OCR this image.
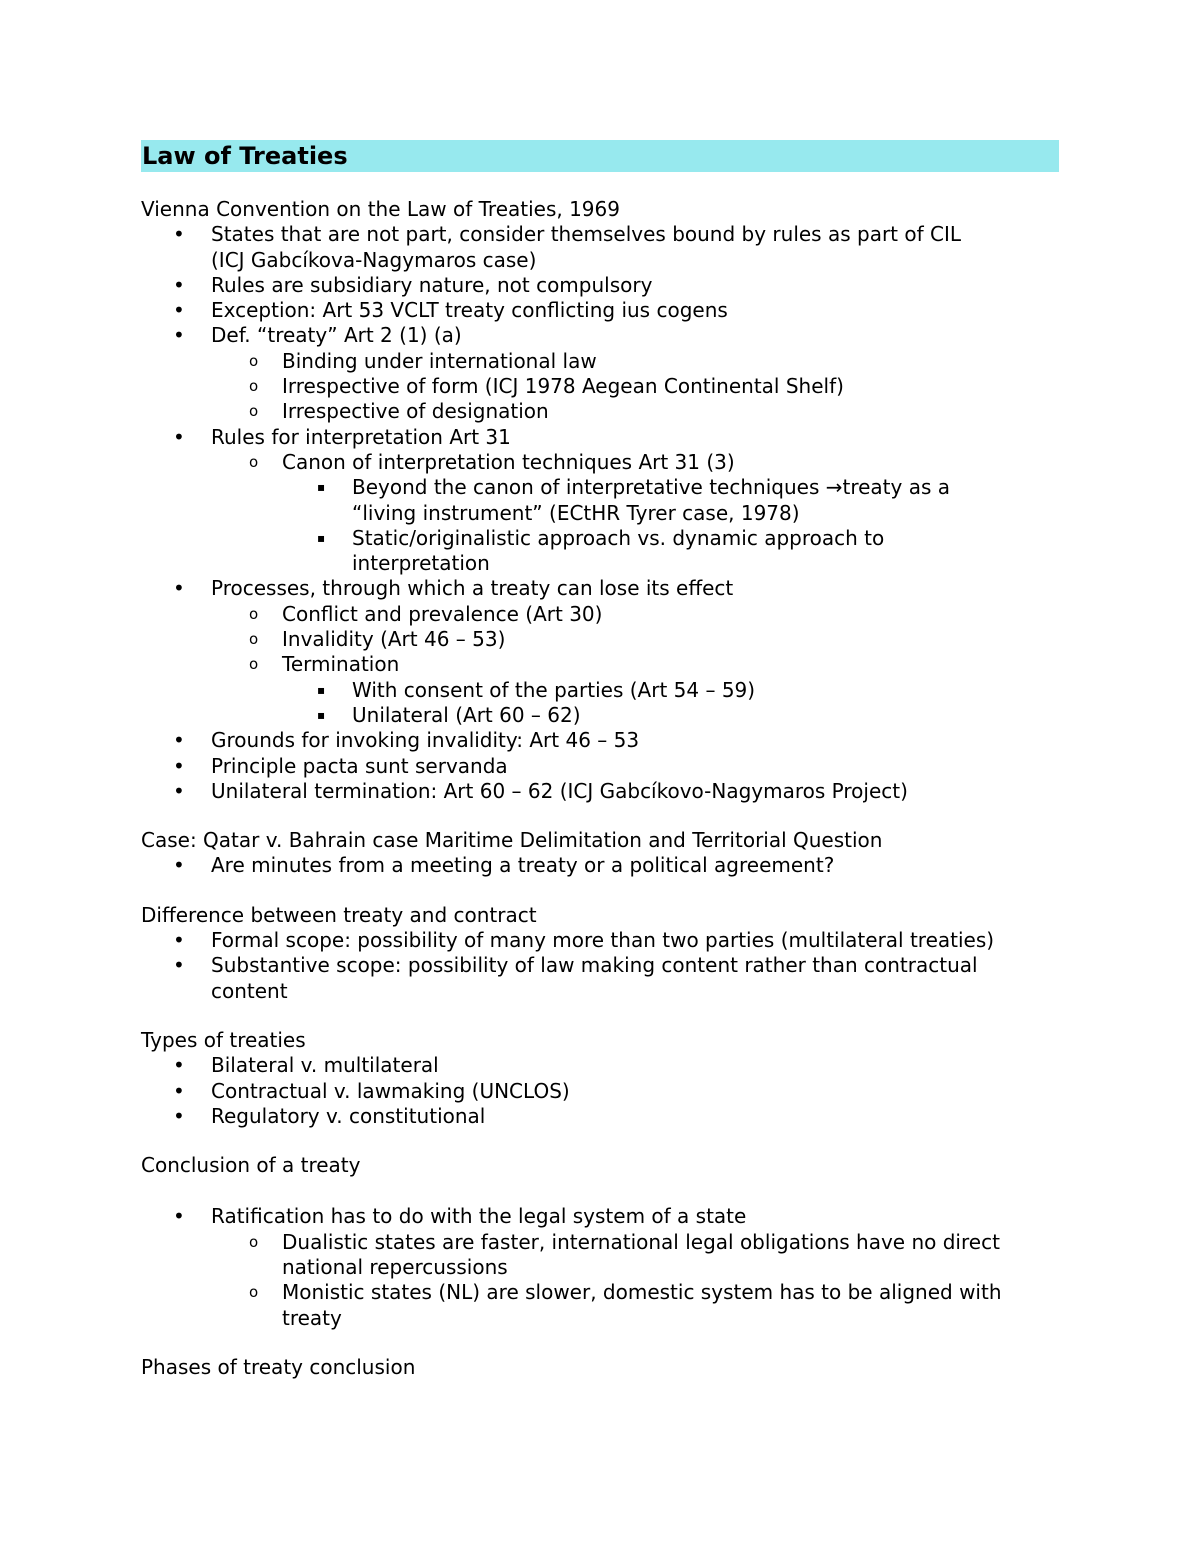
Law of Treaties
Vienna Convention on the Law of Treaties, 1969
• States that are not part, consider themselves bound by rules as part of CIL
(ICJ Gabcíkova-Nagymaros case)
• Rules are subsidiary nature, not compulsory
• Exception: Art 53 VCLT treaty conflicting ius cogens
• Def. “treaty” Art 2 (1) (a)
o Binding under international law
o Irrespective of form (ICJ 1978 Aegean Continental Shelf)
o Irrespective of designation
• Rules for interpretation Art 31
o Canon of interpretation techniques Art 31 (3)
▪ Beyond the canon of interpretative techniques →treaty as a
“living instrument” (ECtHR Tyrer case, 1978)
▪ Static/originalistic approach vs. dynamic approach to
interpretation
• Processes, through which a treaty can lose its effect
o Conflict and prevalence (Art 30)
o Invalidity (Art 46 – 53)
o Termination
▪ With consent of the parties (Art 54 – 59)
▪ Unilateral (Art 60 – 62)
• Grounds for invoking invalidity: Art 46 – 53
• Principle pacta sunt servanda
• Unilateral termination: Art 60 – 62 (ICJ Gabcíkovo-Nagymaros Project)
Case: Qatar v. Bahrain case Maritime Delimitation and Territorial Question
• Are minutes from a meeting a treaty or a political agreement?
Difference between treaty and contract
• Formal scope: possibility of many more than two parties (multilateral treaties)
• Substantive scope: possibility of law making content rather than contractual
content
Types of treaties
• Bilateral v. multilateral
• Contractual v. lawmaking (UNCLOS)
• Regulatory v. constitutional
Conclusion of a treaty
• Ratification has to do with the legal system of a state
o Dualistic states are faster, international legal obligations have no direct
national repercussions
o Monistic states (NL) are slower, domestic system has to be aligned with
treaty
Phases of treaty conclusion
